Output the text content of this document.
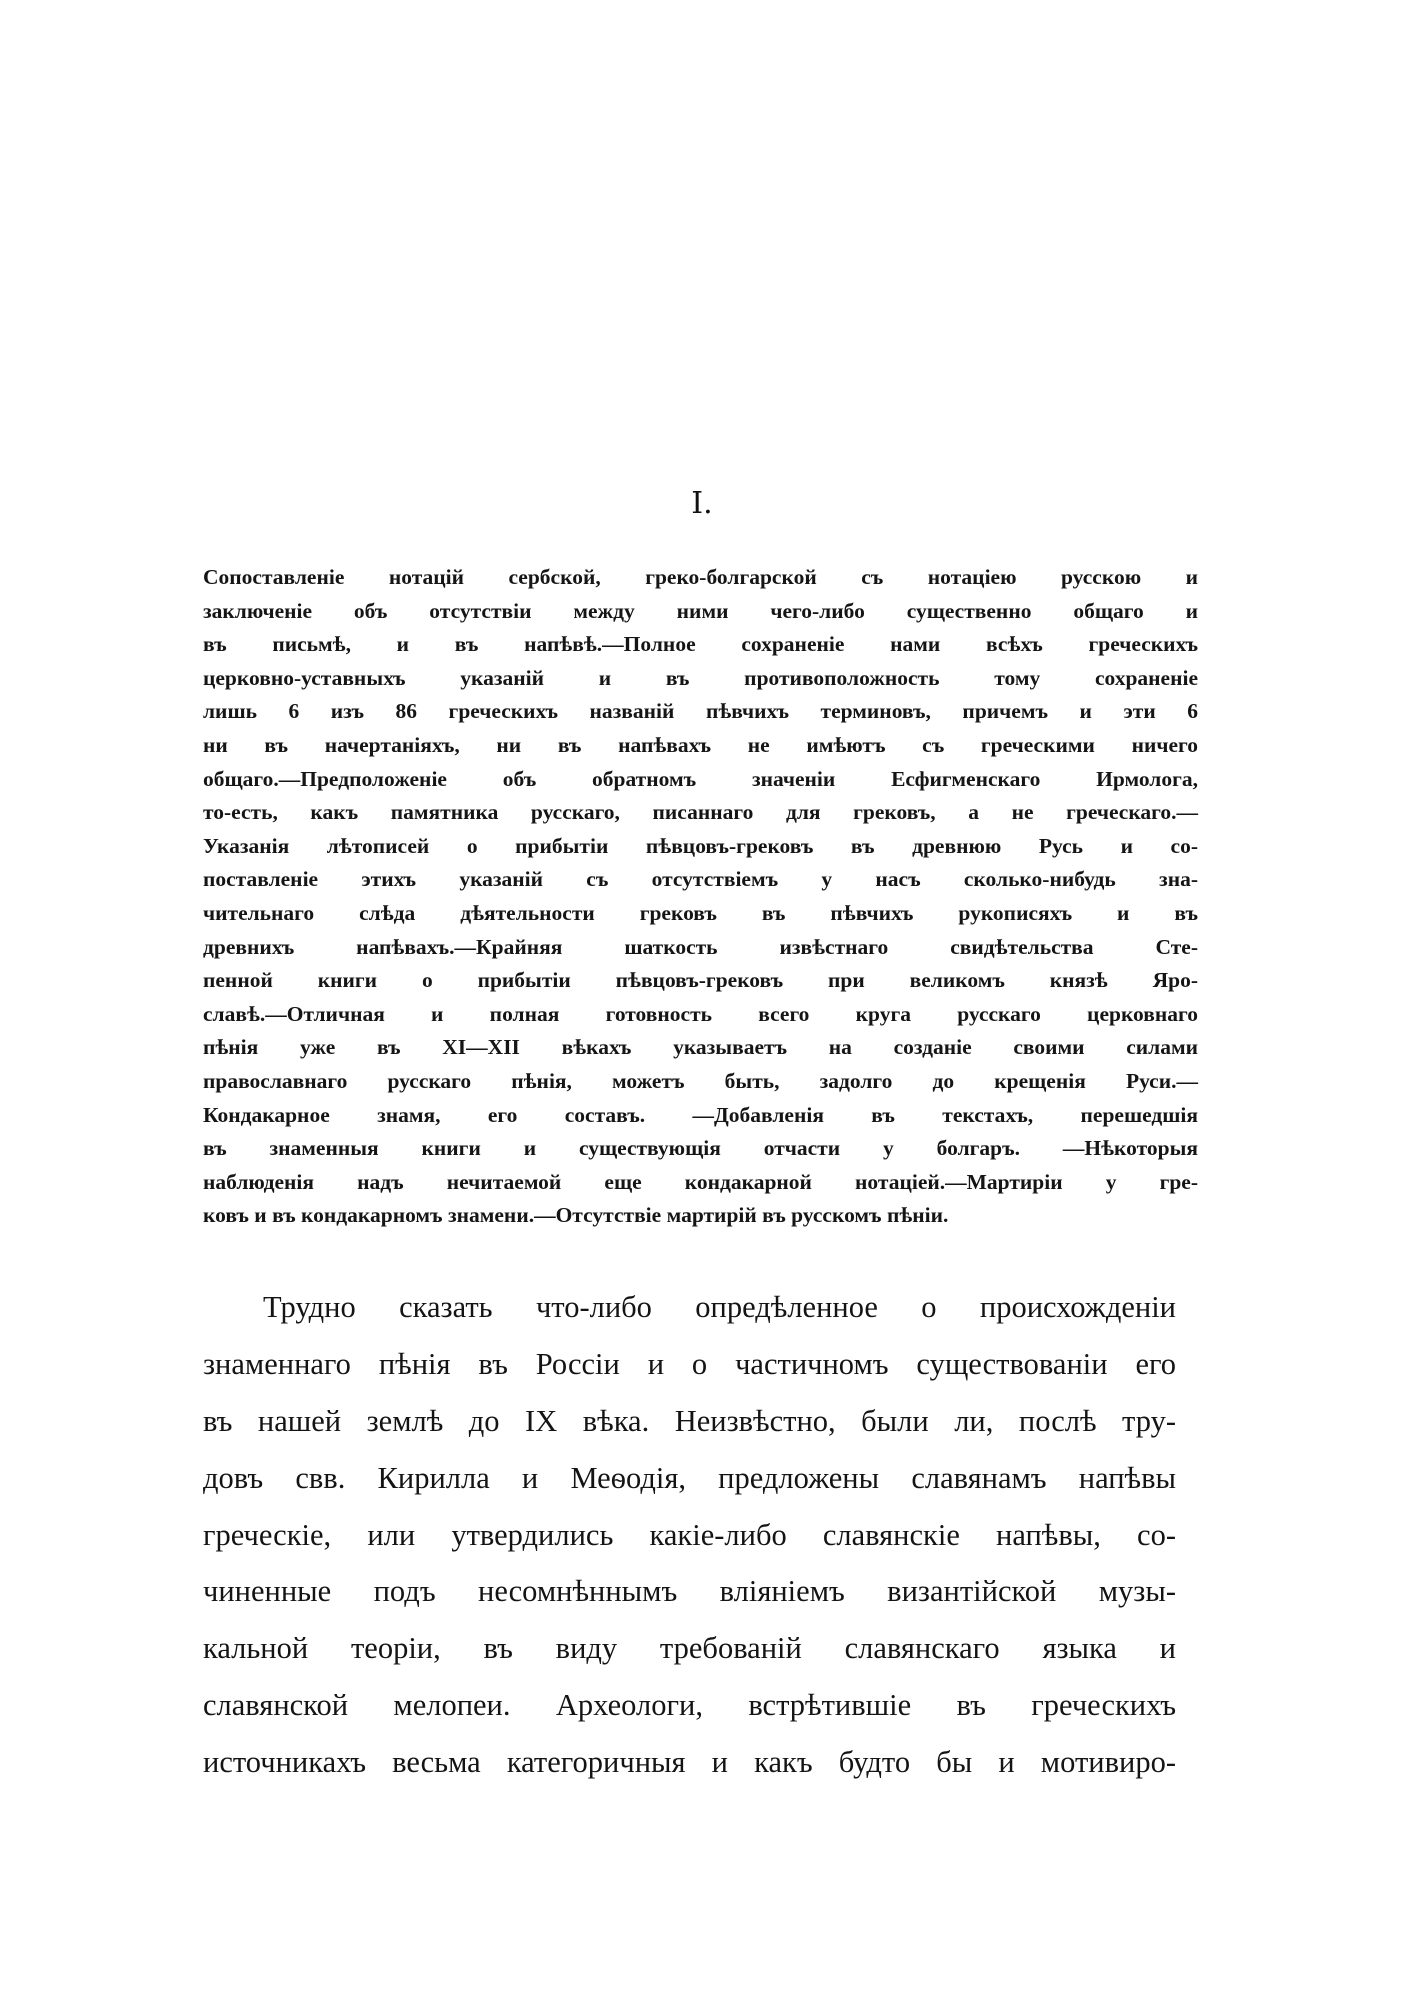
I.
Сопоставленіе нотацій сербской, греко-болгарской съ нотаціею русскою и
заключеніе объ отсутствіи между ними чего-либо существенно общаго и
въ письмѣ, и въ напѣвѣ.—Полное сохраненіе нами всѣхъ греческихъ
церковно-уставныхъ указаній и въ противоположность тому сохраненіе
лишь 6 изъ 86 греческихъ названій пѣвчихъ терминовъ, причемъ и эти 6
ни въ начертаніяхъ, ни въ напѣвахъ не имѣютъ съ греческими ничего
общаго.—Предположеніе объ обратномъ значеніи Есфигменскаго Ирмолога,
то-есть, какъ памятника русскаго, писаннаго для грековъ, а не греческаго.—
Указанія лѣтописей о прибытіи пѣвцовъ-грековъ въ древнюю Русь и со-
поставленіе этихъ указаній съ отсутствіемъ у насъ сколько-нибудь зна-
чительнаго слѣда дѣятельности грековъ въ пѣвчихъ рукописяхъ и въ
древнихъ напѣвахъ.—Крайняя шаткость извѣстнаго свидѣтельства Сте-
пенной книги о прибытіи пѣвцовъ-грековъ при великомъ князѣ Яро-
славѣ.—Отличная и полная готовность всего круга русскаго церковнаго
пѣнія уже въ XI—XII вѣкахъ указываетъ на созданіе своими силами
православнаго русскаго пѣнія, можетъ быть, задолго до крещенія Руси.—
Кондакарное знамя, его составъ. —Добавленія въ текстахъ, перешедшія
въ знаменныя книги и существующія отчасти у болгаръ. —Нѣкоторыя
наблюденія надъ нечитаемой еще кондакарной нотаціей.—Мартиріи у гре-
ковъ и въ кондакарномъ знамени.—Отсутствіе мартирій въ русскомъ пѣніи.
Трудно сказать что-либо опредѣленное о происхожденіи
знаменнаго пѣнія въ Россіи и о частичномъ существованіи его
въ нашей землѣ до IX вѣка. Неизвѣстно, были ли, послѣ тру-
довъ свв. Кирилла и Меѳодія, предложены славянамъ напѣвы
греческіе, или утвердились какіе-либо славянскіе напѣвы, со-
чиненные подъ несомнѣннымъ вліяніемъ византійской музы-
кальной теоріи, въ виду требованій славянскаго языка и
славянской мелопеи. Археологи, встрѣтившіе въ греческихъ
источникахъ весьма категоричныя и какъ будто бы и мотивиро-
